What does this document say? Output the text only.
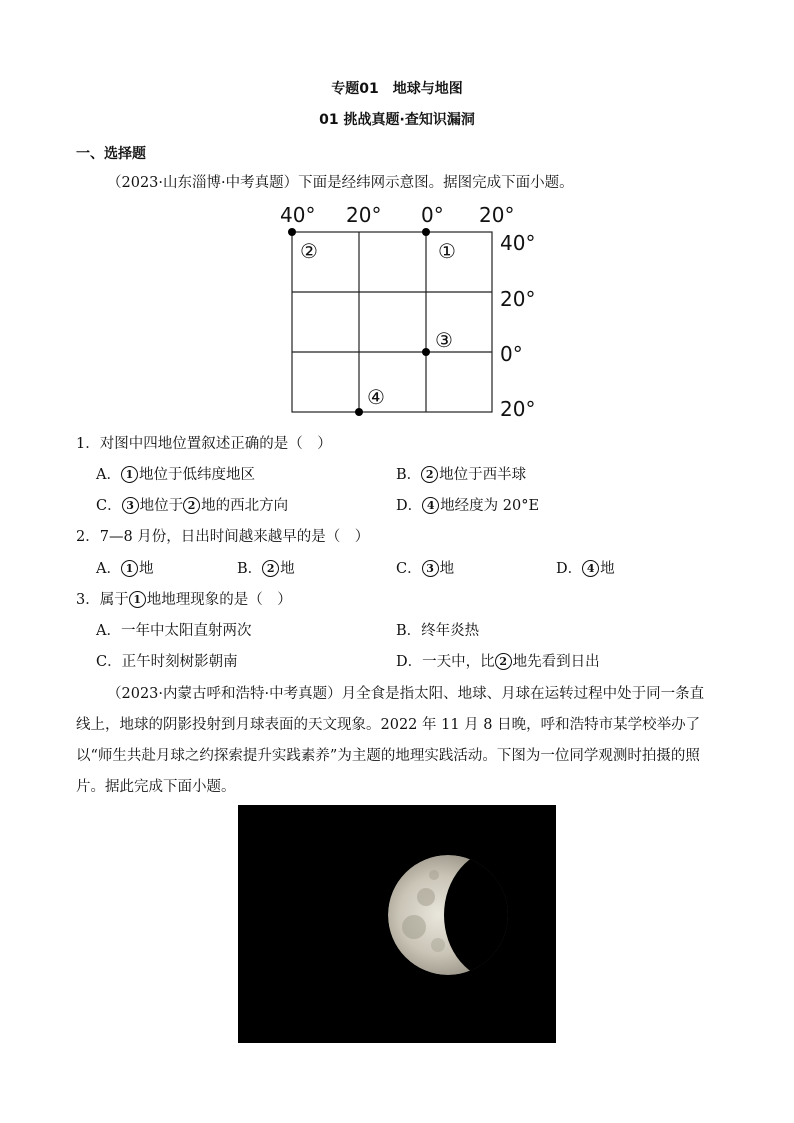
专题01　地球与地图
01 挑战真题·查知识漏洞
一、选择题
（2023·山东淄博·中考真题）下面是经纬网示意图。据图完成下面小题。
40° 20° 0° 20°
40°
20°
0°
20°
②	①
③
④
1．对图中四地位置叙述正确的是（　）
A． 1 地位于低纬度地区	B． 2 地位于西半球
C． 3 地位于 2 地的西北方向	D． 4 地经度为 20°E
2．7—8 月份，日出时间越来越早的是（　）
A． 1 地	B． 2 地	C． 3 地	D． 4 地
3．属于 1 地地理现象的是（　）
A．一年中太阳直射两次	B．终年炎热
C．正午时刻树影朝南	D．一天中，比 2 地先看到日出
（2023·内蒙古呼和浩特·中考真题）月全食是指太阳、地球、月球在运转过程中处于同一条直线上，地球的阴影投射到月球表面的天文现象。2022 年 11 月 8 日晚，呼和浩特市某学校举办了以“师生共赴月球之约探索提升实践素养”为主题的地理实践活动。下图为一位同学观测时拍摄的照片。据此完成下面小题。
